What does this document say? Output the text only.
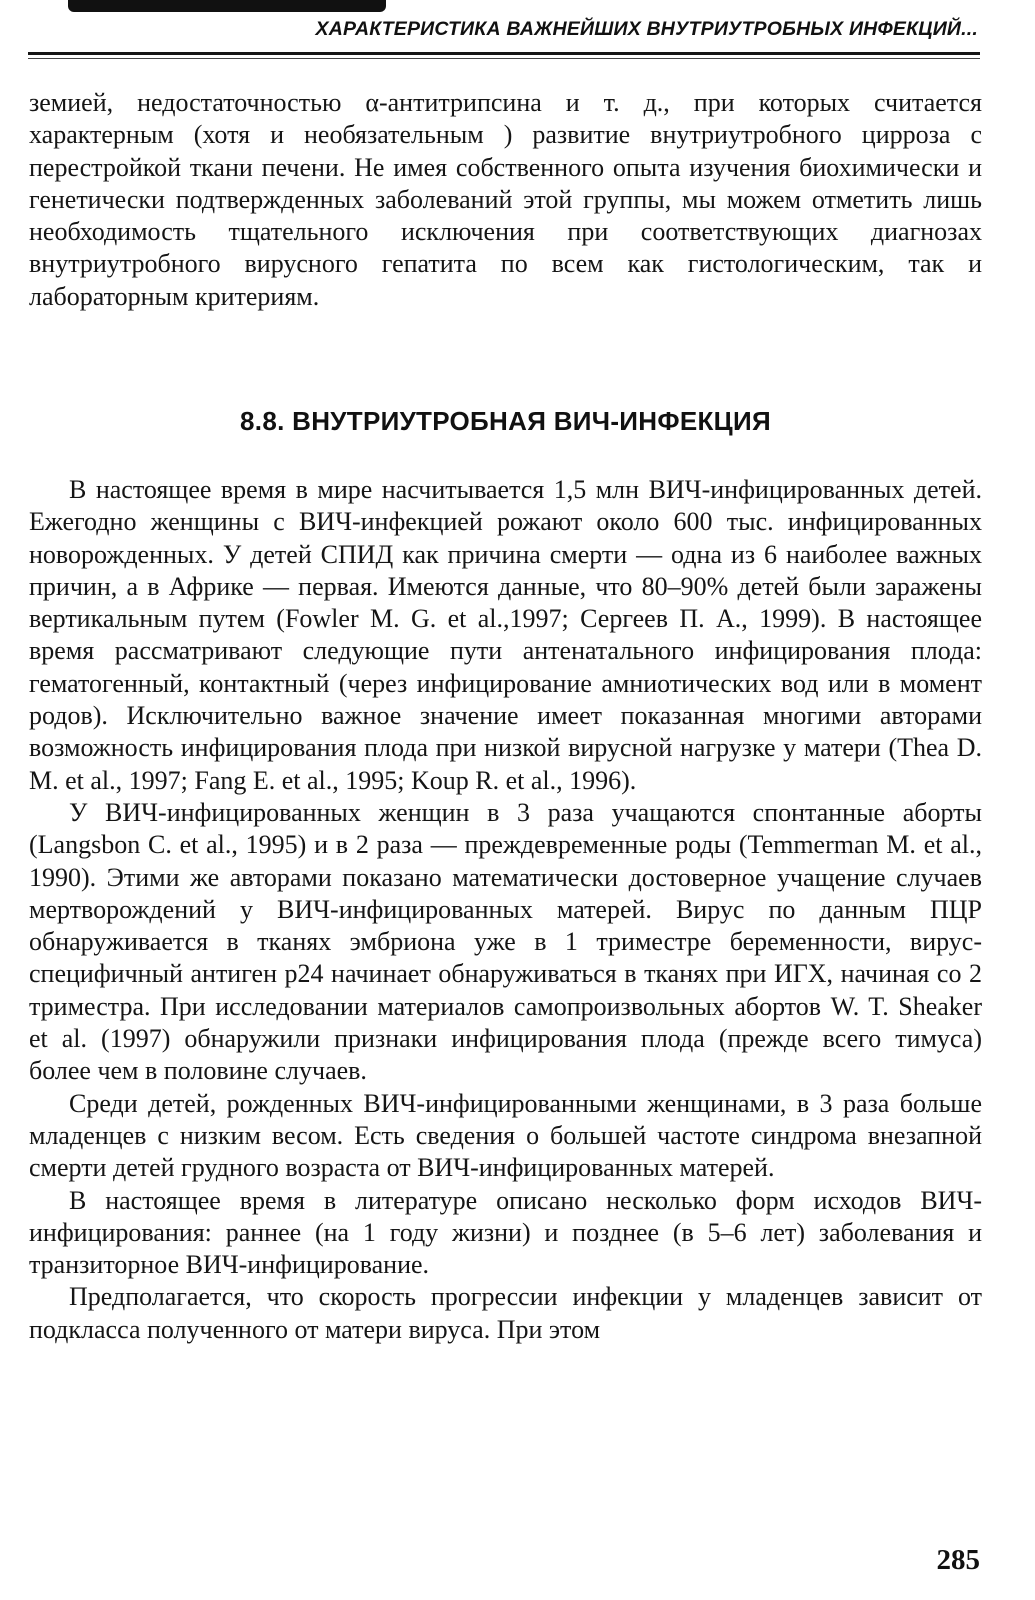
ХАРАКТЕРИСТИКА ВАЖНЕЙШИХ ВНУТРИУТРОБНЫХ ИНФЕКЦИЙ...

земией, недостаточностью α-антитрипсина и т. д., при которых считается характерным (хотя и необязательным ) развитие внутриутробного цирроза с перестройкой ткани печени. Не имея собственного опыта изучения биохимически и генетически подтвержденных заболеваний этой группы, мы можем отметить лишь необходимость тщательного исключения при соответствующих диагнозах внутриутробного вирусного гепатита по всем как гистологическим, так и лабораторным критериям.

8.8. ВНУТРИУТРОБНАЯ ВИЧ-ИНФЕКЦИЯ

В настоящее время в мире насчитывается 1,5 млн ВИЧ-инфицированных детей. Ежегодно женщины с ВИЧ-инфекцией рожают около 600 тыс. инфицированных новорожденных. У детей СПИД как причина смерти — одна из 6 наиболее важных причин, а в Африке — первая. Имеются данные, что 80–90% детей были заражены вертикальным путем (Fowler M. G. et al.,1997; Сергеев П. А., 1999). В настоящее время рассматривают следующие пути антенатального инфицирования плода: гематогенный, контактный (через инфицирование амниотических вод или в момент родов). Исключительно важное значение имеет показанная многими авторами возможность инфицирования плода при низкой вирусной нагрузке у матери (Thea D. M. et al., 1997; Fang E. et al., 1995; Koup R. et al., 1996).

У ВИЧ-инфицированных женщин в 3 раза учащаются спонтанные аборты (Langsbon C. et al., 1995) и в 2 раза — преждевременные роды (Temmerman M. et al., 1990). Этими же авторами показано математически достоверное учащение случаев мертворождений у ВИЧ-инфицированных матерей. Вирус по данным ПЦР обнаруживается в тканях эмбриона уже в 1 триместре беременности, вирусспецифичный антиген p24 начинает обнаруживаться в тканях при ИГХ, начиная со 2 триместра. При исследовании материалов самопроизвольных абортов W. T. Sheaker et al. (1997) обнаружили признаки инфицирования плода (прежде всего тимуса) более чем в половине случаев.

Среди детей, рожденных ВИЧ-инфицированными женщинами, в 3 раза больше младенцев с низким весом. Есть сведения о большей частоте синдрома внезапной смерти детей грудного возраста от ВИЧ-инфицированных матерей.

В настоящее время в литературе описано несколько форм исходов ВИЧ-инфицирования: раннее (на 1 году жизни) и позднее (в 5–6 лет) заболевания и транзиторное ВИЧ-инфицирование.

Предполагается, что скорость прогрессии инфекции у младенцев зависит от подкласса полученного от матери вируса. При этом

285
